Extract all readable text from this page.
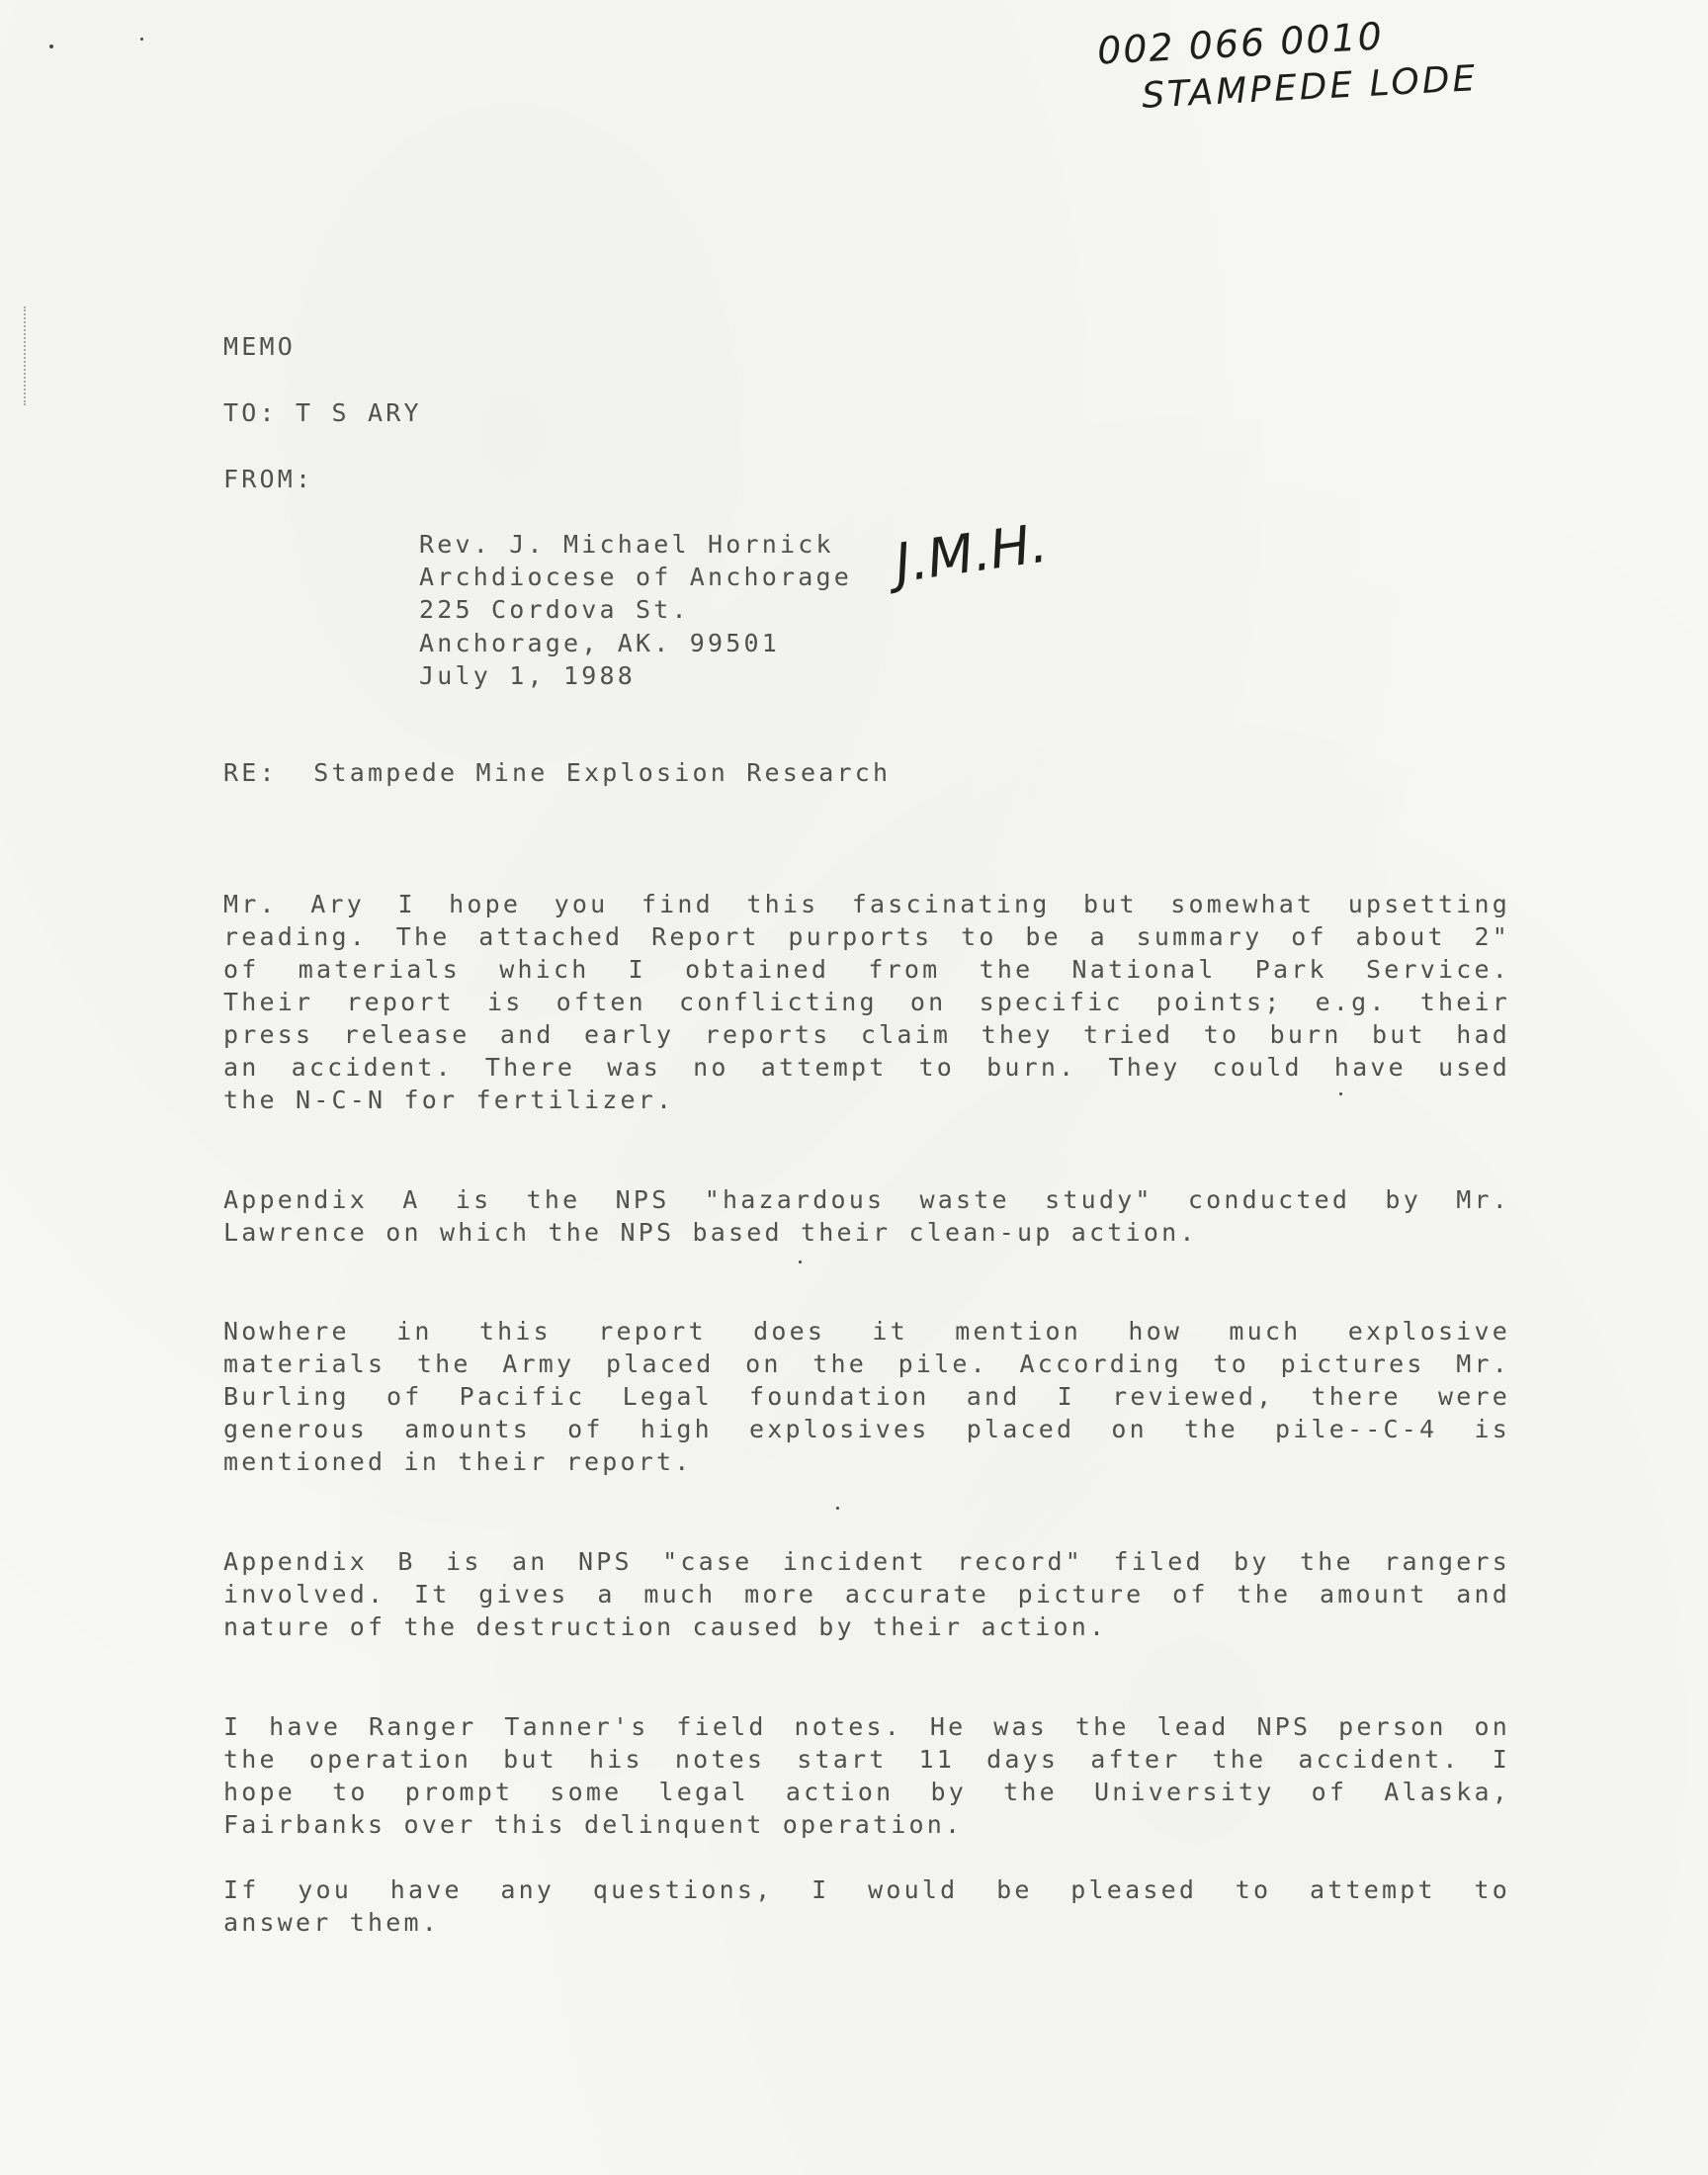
002 066 0010
STAMPEDE LODE
MEMO
TO: T S ARY
FROM:
Rev. J. Michael Hornick
Archdiocese of Anchorage
225 Cordova St.
Anchorage, AK. 99501
July 1, 1988
J.M.H.
RE:  Stampede Mine Explosion Research
Mr. Ary I hope you find this fascinating but somewhat upsetting
reading. The attached Report purports to be a summary of about 2"
of materials which I obtained from the National Park Service.
Their report is often conflicting on specific points; e.g. their
press release and early reports claim they tried to burn but had
an accident. There was no attempt to burn. They could have used
the N-C-N for fertilizer.
Appendix A is the NPS "hazardous waste study" conducted by Mr.
Lawrence on which the NPS based their clean-up action.
Nowhere in this report does it mention how much explosive
materials the Army placed on the pile. According to pictures Mr.
Burling of Pacific Legal foundation and I reviewed, there were
generous amounts of high explosives placed on the pile--C-4 is
mentioned in their report.
Appendix B is an NPS "case incident record" filed by the rangers
involved. It gives a much more accurate picture of the amount and
nature of the destruction caused by their action.
I have Ranger Tanner's field notes. He was the lead NPS person on
the operation but his notes start 11 days after the accident. I
hope to prompt some legal action by the University of Alaska,
Fairbanks over this delinquent operation.
If you have any questions, I would be pleased to attempt to
answer them.
